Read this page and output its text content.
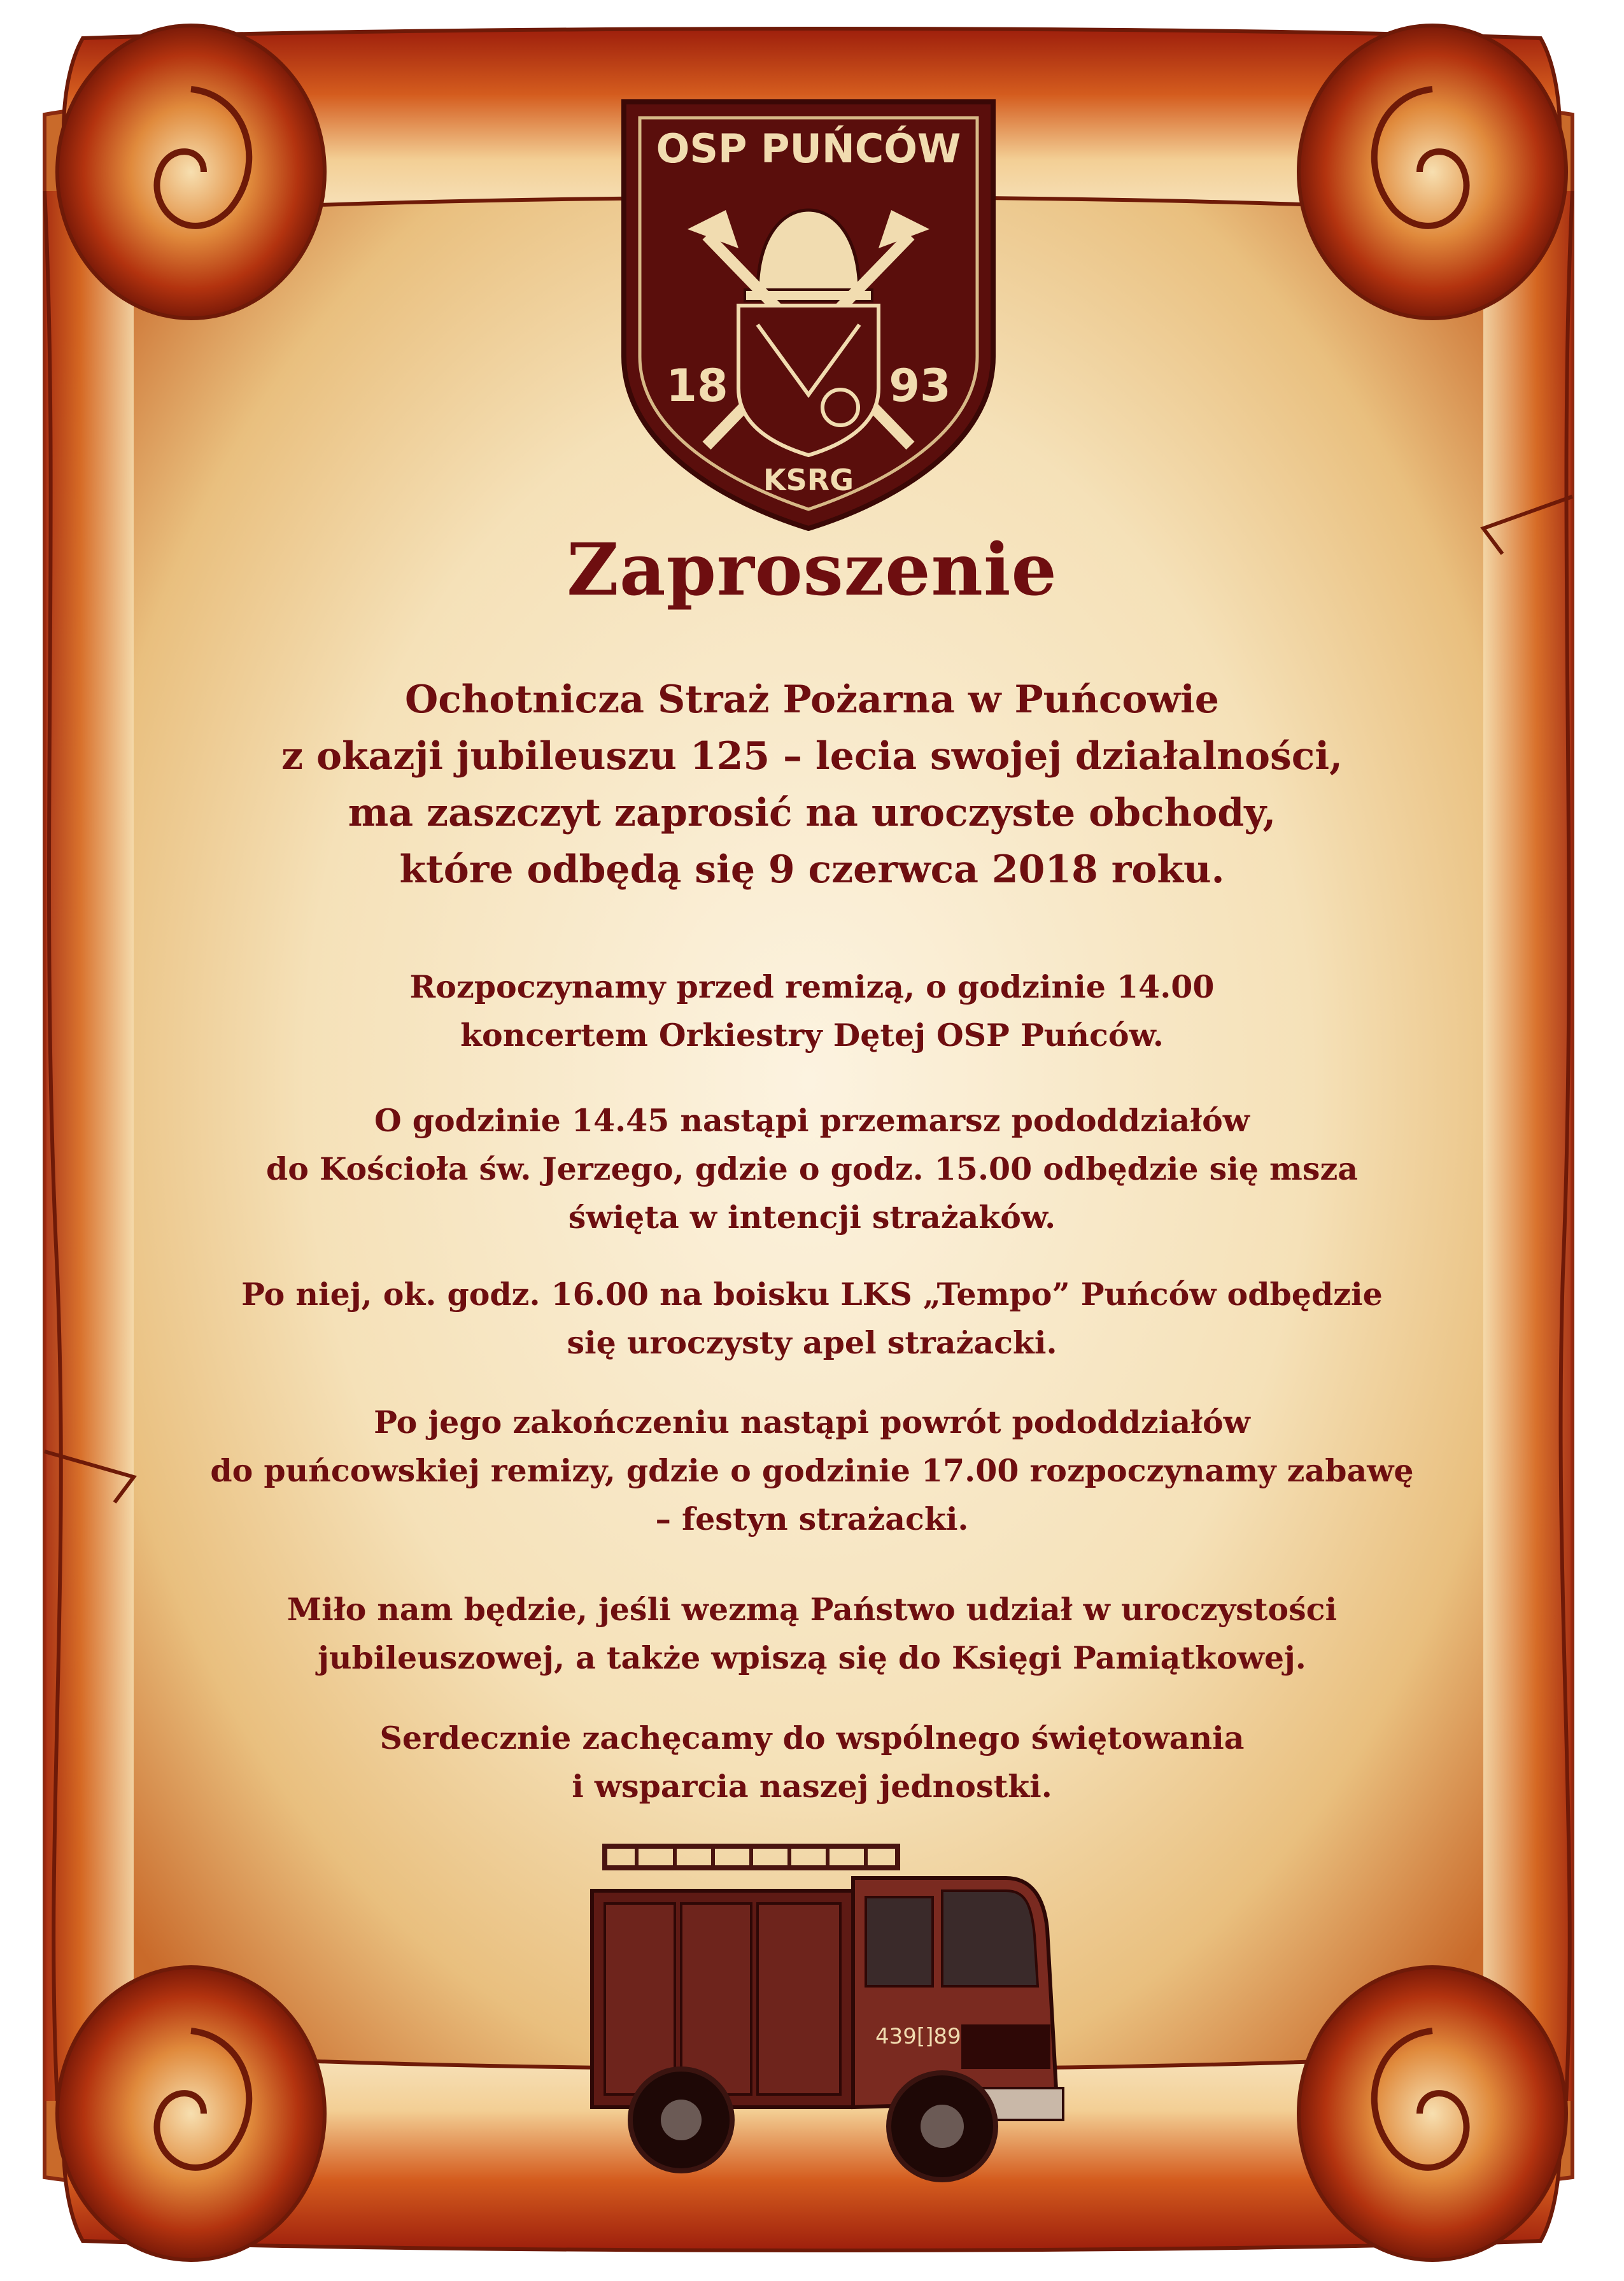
18	93
OSP PUŃCÓW
KSRG
Zaproszenie
Ochotnicza Straż Pożarna w Puńcowie
z okazji jubileuszu 125 – lecia swojej działalności,
ma zaszczyt zaprosić na uroczyste obchody,
które odbędą się 9 czerwca 2018 roku.
Rozpoczynamy przed remizą, o godzinie 14.00
koncertem Orkiestry Dętej OSP Puńców.
O godzinie 14.45 nastąpi przemarsz pododdziałów
do Kościoła św. Jerzego, gdzie o godz. 15.00 odbędzie się msza
święta w intencji strażaków.
Po niej, ok. godz. 16.00 na boisku LKS „Tempo” Puńców odbędzie
się uroczysty apel strażacki.
Po jego zakończeniu nastąpi powrót pododdziałów
do puńcowskiej remizy, gdzie o godzinie 17.00 rozpoczynamy zabawę
– festyn strażacki.
Miło nam będzie, jeśli wezmą Państwo udział w uroczystości
jubileuszowej, a także wpiszą się do Księgi Pamiątkowej.
Serdecznie zachęcamy do wspólnego świętowania
i wsparcia naszej jednostki.
439[]89
